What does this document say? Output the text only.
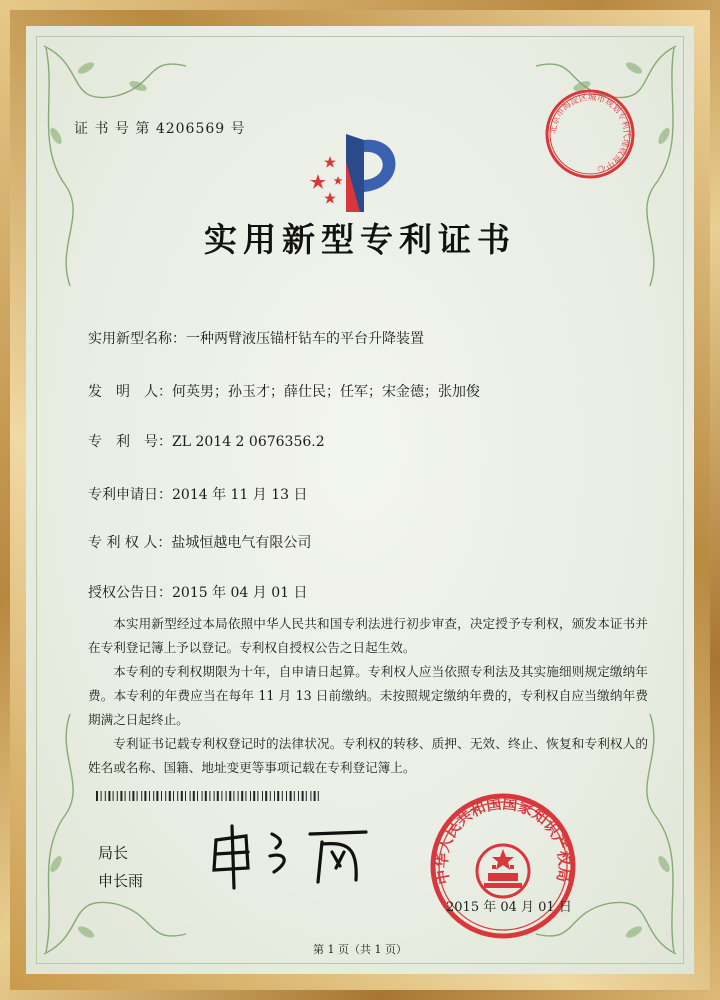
证 书 号 第 4206569 号
实用新型专利证书
北京市海淀区城市规划专利代理收费中心
实用新型名称：一种两臂液压锚杆钻车的平台升降装置
发　明　人：何英男；孙玉才；薛仕民；任军；宋金德；张加俊
专　利　号：ZL 2014 2 0676356.2
专利申请日：2014 年 11 月 13 日
专 利 权 人：盐城恒越电气有限公司
授权公告日：2015 年 04 月 01 日

本实用新型经过本局依照中华人民共和国专利法进行初步审查，决定授予专利权，颁发本证书并在专利登记簿上予以登记。专利权自授权公告之日起生效。

本专利的专利权期限为十年，自申请日起算。专利权人应当依照专利法及其实施细则规定缴纳年费。本专利的年费应当在每年 11 月 13 日前缴纳。未按照规定缴纳年费的，专利权自应当缴纳年费期满之日起终止。

专利证书记载专利权登记时的法律状况。专利权的转移、质押、无效、终止、恢复和专利权人的姓名或名称、国籍、地址变更等事项记载在专利登记簿上。

局长
申长雨	中华人民共和国国家知识产权局
2015 年 04 月 01 日
第 1 页（共 1 页）
